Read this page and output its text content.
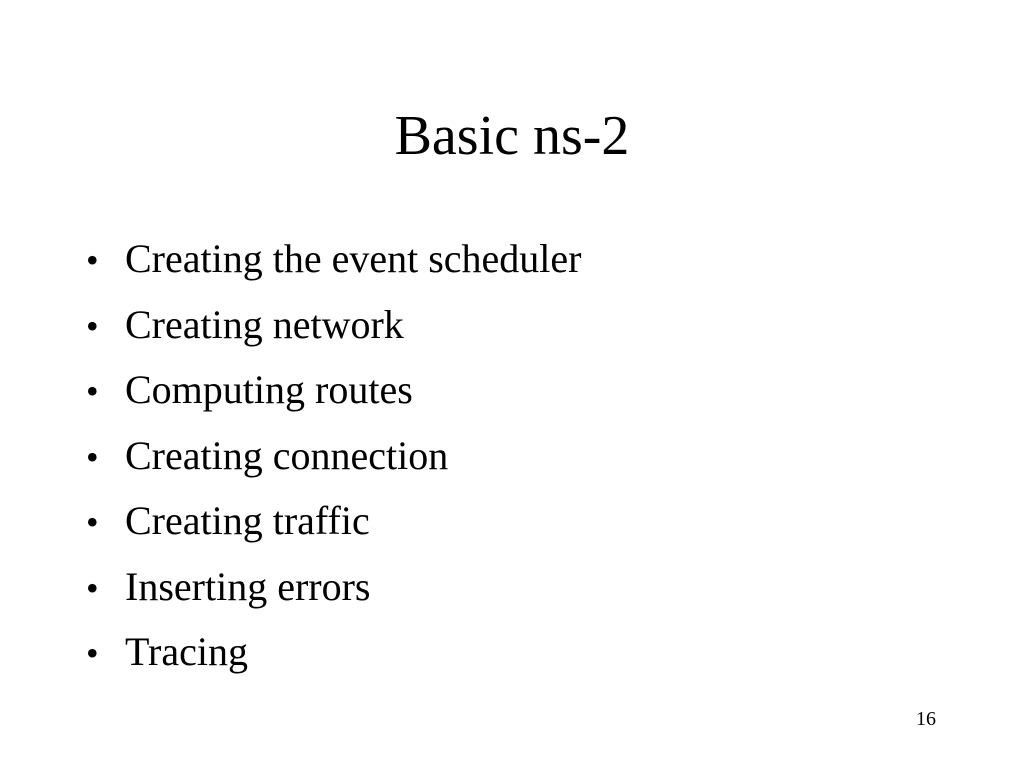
Basic ns-2
• Creating the event scheduler
• Creating network
• Computing routes
• Creating connection
• Creating traffic
• Inserting errors
• Tracing
16
